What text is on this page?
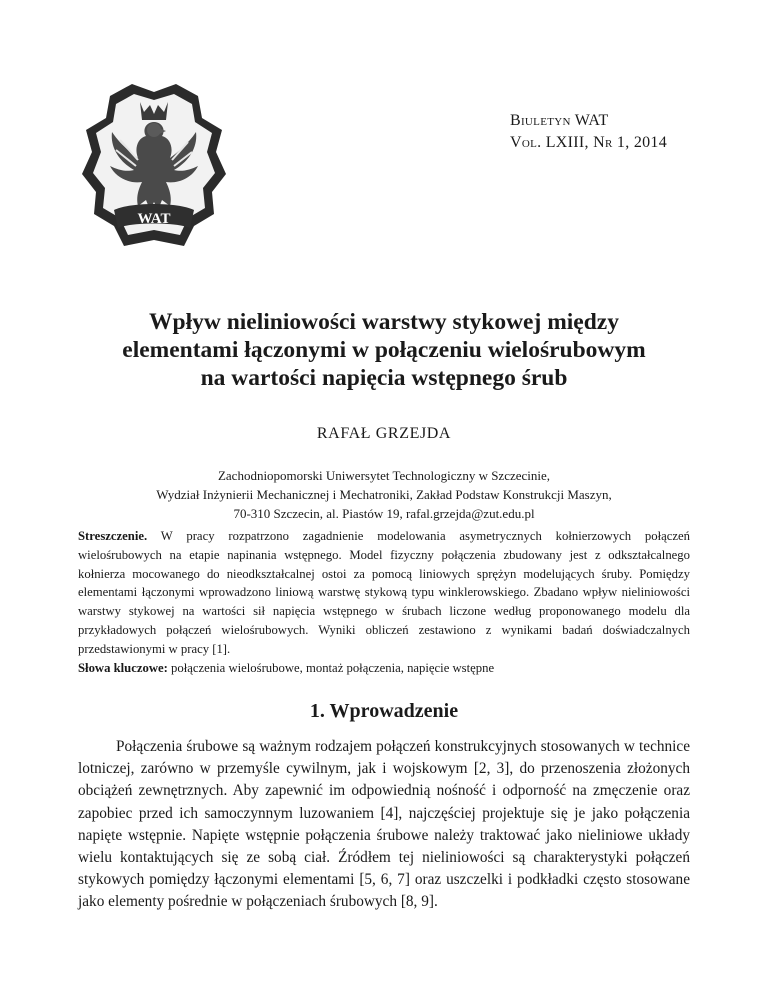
WAT
Biuletyn WAT
Vol. LXIII, Nr 1, 2014
Wpływ nieliniowości warstwy stykowej między
elementami łączonymi w połączeniu wielośrubowym
na wartości napięcia wstępnego śrub
RAFAŁ GRZEJDA
Zachodniopomorski Uniwersytet Technologiczny w Szczecinie,
Wydział Inżynierii Mechanicznej i Mechatroniki, Zakład Podstaw Konstrukcji Maszyn,
70-310 Szczecin, al. Piastów 19, rafal.grzejda@zut.edu.pl

Streszczenie. W pracy rozpatrzono zagadnienie modelowania asymetrycznych kołnierzowych połączeń wielośrubowych na etapie napinania wstępnego. Model fizyczny połączenia zbudowany jest z odkształcalnego kołnierza mocowanego do nieodkształcalnej ostoi za pomocą liniowych sprężyn modelujących śruby. Pomiędzy elementami łączonymi wprowadzono liniową warstwę stykową typu winklerowskiego. Zbadano wpływ nieliniowości warstwy stykowej na wartości sił napięcia wstępnego w śrubach liczone według proponowanego modelu dla przykładowych połączeń wielośrubowych. Wyniki obliczeń zestawiono z wynikami badań doświadczalnych przedstawionymi w pracy [1].

Słowa kluczowe: połączenia wielośrubowe, montaż połączenia, napięcie wstępne

1. Wprowadzenie

Połączenia śrubowe są ważnym rodzajem połączeń konstrukcyjnych stosowanych w technice lotniczej, zarówno w przemyśle cywilnym, jak i wojskowym [2, 3], do przenoszenia złożonych obciążeń zewnętrznych. Aby zapewnić im odpowiednią nośność i odporność na zmęczenie oraz zapobiec przed ich samoczynnym luzowaniem [4], najczęściej projektuje się je jako połączenia napięte wstępnie. Napięte wstępnie połączenia śrubowe należy traktować jako nieliniowe układy wielu kontaktujących się ze sobą ciał. Źródłem tej nieliniowości są charakterystyki połączeń stykowych pomiędzy łączonymi elementami [5, 6, 7] oraz uszczelki i podkładki często stosowane jako elementy pośrednie w połączeniach śrubowych [8, 9].
